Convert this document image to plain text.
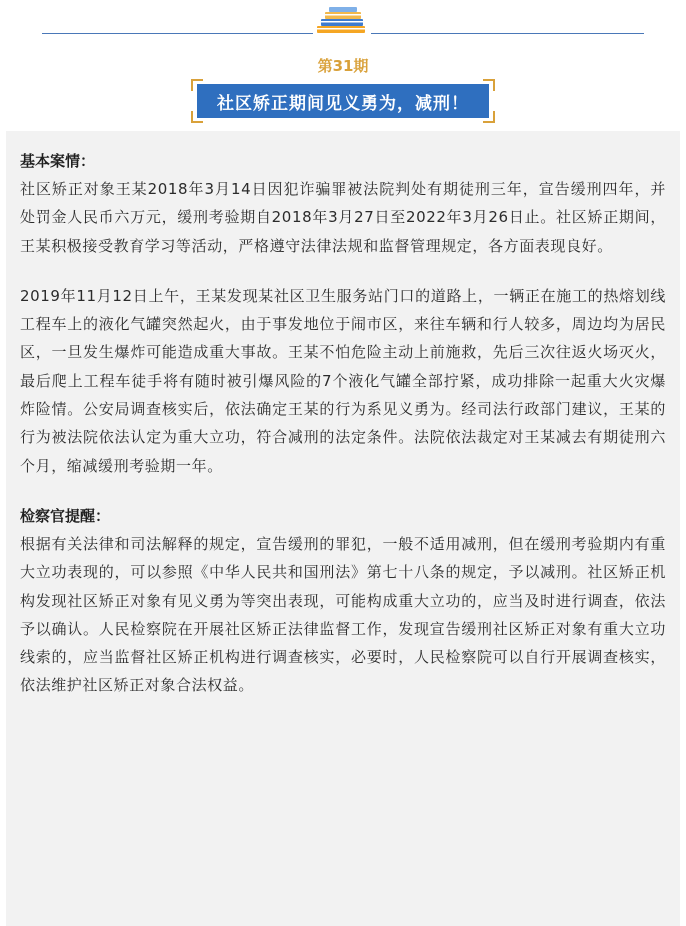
第31期
社区矫正期间见义勇为，减刑！
基本案情：

社区矫正对象王某2018年3月14日因犯诈骗罪被法院判处有期徒刑三年，宣告缓刑四年，并处罚金人民币六万元，缓刑考验期自2018年3月27日至2022年3月26日止。社区矫正期间，王某积极接受教育学习等活动，严格遵守法律法规和监督管理规定，各方面表现良好。

2019年11月12日上午，王某发现某社区卫生服务站门口的道路上，一辆正在施工的热熔划线工程车上的液化气罐突然起火，由于事发地位于闹市区，来往车辆和行人较多，周边均为居民区，一旦发生爆炸可能造成重大事故。王某不怕危险主动上前施救，先后三次往返火场灭火，最后爬上工程车徒手将有随时被引爆风险的7个液化气罐全部拧紧，成功排除一起重大火灾爆炸险情。公安局调查核实后，依法确定王某的行为系见义勇为。经司法行政部门建议，王某的行为被法院依法认定为重大立功，符合减刑的法定条件。法院依法裁定对王某减去有期徒刑六个月，缩减缓刑考验期一年。

检察官提醒：

根据有关法律和司法解释的规定，宣告缓刑的罪犯，一般不适用减刑，但在缓刑考验期内有重大立功表现的，可以参照《中华人民共和国刑法》第七十八条的规定，予以减刑。社区矫正机构发现社区矫正对象有见义勇为等突出表现，可能构成重大立功的，应当及时进行调查，依法予以确认。人民检察院在开展社区矫正法律监督工作，发现宣告缓刑社区矫正对象有重大立功线索的，应当监督社区矫正机构进行调查核实，必要时，人民检察院可以自行开展调查核实，依法维护社区矫正对象合法权益。
